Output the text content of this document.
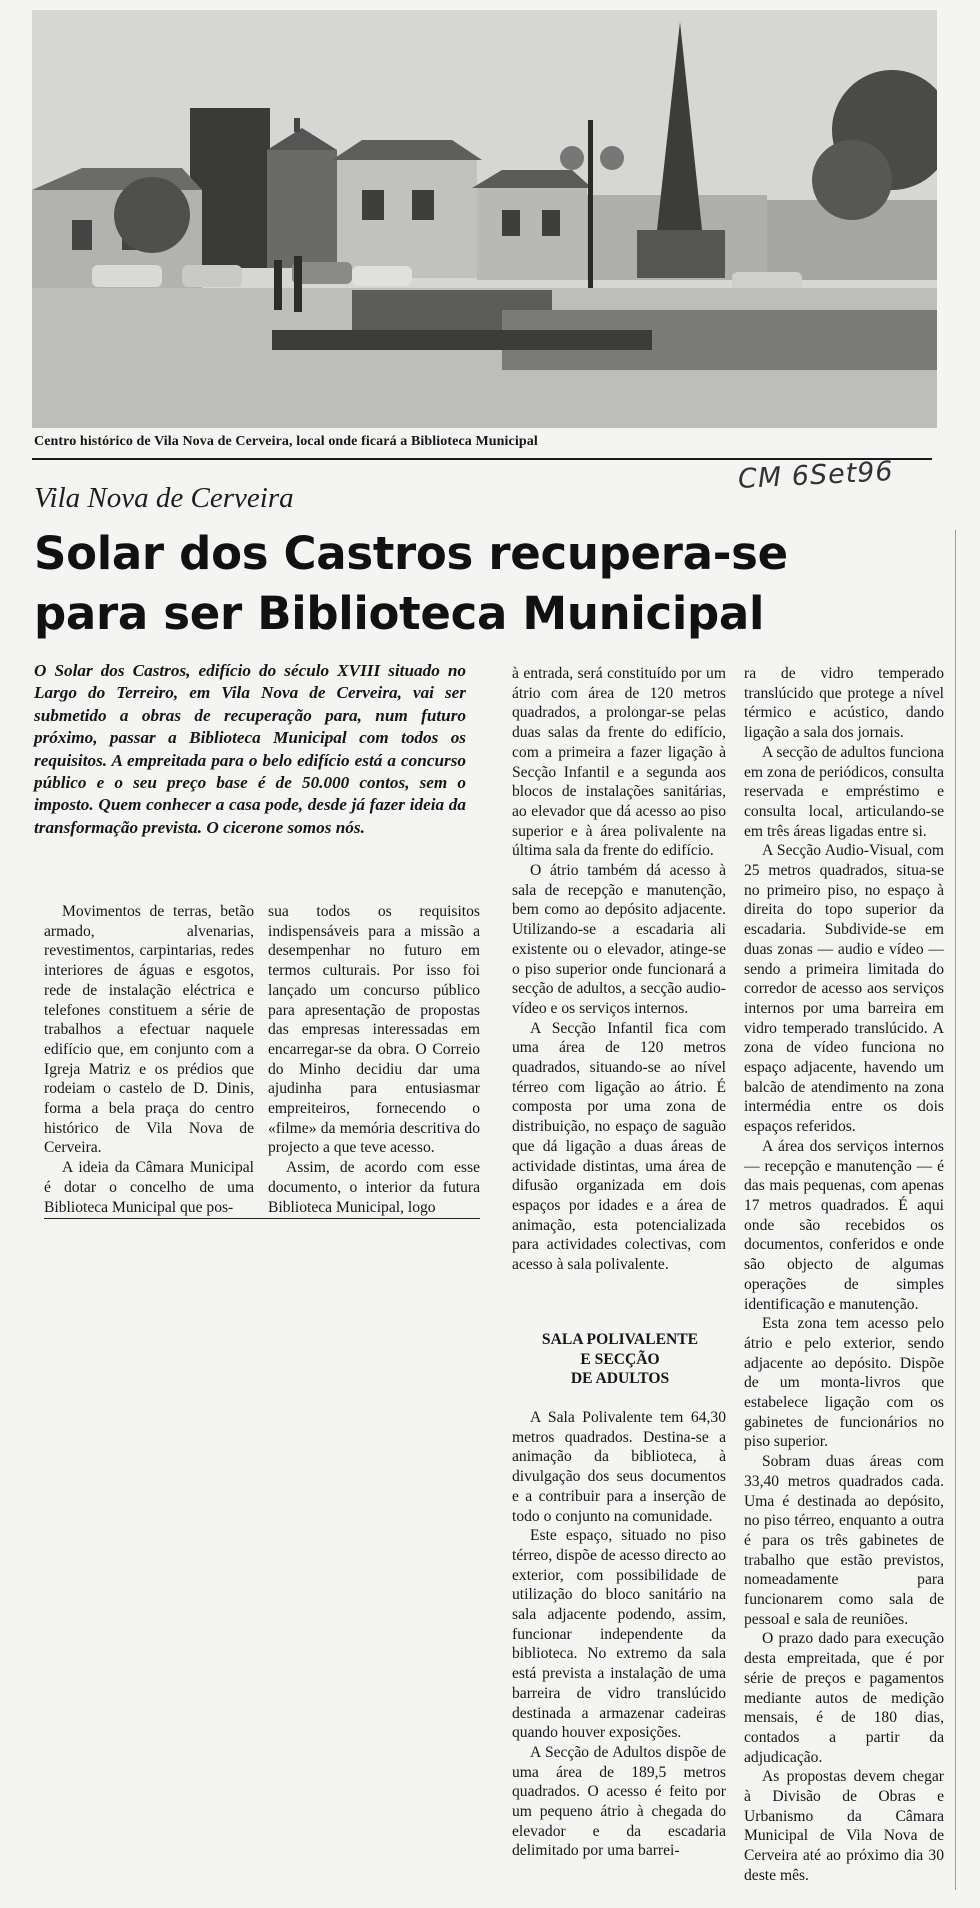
Centro histórico de Vila Nova de Cerveira, local onde ficará a Biblioteca Municipal
CM 6Set96
Vila Nova de Cerveira
Solar dos Castros recupera-se
para ser Biblioteca Municipal
O Solar dos Castros, edifício do século XVIII situado no Largo do Terreiro, em Vila Nova de Cerveira, vai ser submetido a obras de recuperação para, num futuro próximo, passar a Biblioteca Municipal com todos os requisitos. A empreitada para o belo edifício está a concurso público e o seu preço base é de 50.000 contos, sem o imposto. Quem conhecer a casa pode, desde já fazer ideia da transformação prevista. O cicerone somos nós.

Movimentos de terras, betão armado, alvenarias, revestimentos, carpintarias, redes interiores de águas e esgotos, rede de instalação eléctrica e telefones constituem a série de trabalhos a efectuar naquele edifício que, em conjunto com a Igreja Matriz e os prédios que rodeiam o castelo de D. Dinis, forma a bela praça do centro histórico de Vila Nova de Cerveira.

A ideia da Câmara Municipal é dotar o concelho de uma Biblioteca Municipal que pos-

sua todos os requisitos indispensáveis para a missão a desempenhar no futuro em termos culturais. Por isso foi lançado um concurso público para apresentação de propostas das empresas interessadas em encarregar-se da obra. O Correio do Minho decidiu dar uma ajudinha para entusiasmar empreiteiros, fornecendo o «filme» da memória descritiva do projecto a que teve acesso.

Assim, de acordo com esse documento, o interior da futura Biblioteca Municipal, logo

à entrada, será constituído por um átrio com área de 120 metros quadrados, a prolongar-se pelas duas salas da frente do edifício, com a primeira a fazer ligação à Secção Infantil e a segunda aos blocos de instalações sanitárias, ao elevador que dá acesso ao piso superior e à área polivalente na última sala da frente do edifício.

O átrio também dá acesso à sala de recepção e manutenção, bem como ao depósito adjacente. Utilizando-se a escadaria ali existente ou o elevador, atinge-se o piso superior onde funcionará a secção de adultos, a secção audio-vídeo e os serviços internos.

A Secção Infantil fica com uma área de 120 metros quadrados, situando-se ao nível térreo com ligação ao átrio. É composta por uma zona de distribuição, no espaço de saguão que dá ligação a duas áreas de actividade distintas, uma área de difusão organizada em dois espaços por idades e a área de animação, esta potencializada para actividades colectivas, com acesso à sala polivalente.

SALA POLIVALENTE
E SECÇÃO
DE ADULTOS

A Sala Polivalente tem 64,30 metros quadrados. Destina-se a animação da biblioteca, à divulgação dos seus documentos e a contribuir para a inserção de todo o conjunto na comunidade.

Este espaço, situado no piso térreo, dispõe de acesso directo ao exterior, com possibilidade de utilização do bloco sanitário na sala adjacente podendo, assim, funcionar independente da biblioteca. No extremo da sala está prevista a instalação de uma barreira de vidro translúcido destinada a armazenar cadeiras quando houver exposições.

A Secção de Adultos dispõe de uma área de 189,5 metros quadrados. O acesso é feito por um pequeno átrio à chegada do elevador e da escadaria delimitado por uma barrei-

ra de vidro temperado translúcido que protege a nível térmico e acústico, dando ligação a sala dos jornais.

A secção de adultos funciona em zona de periódicos, consulta reservada e empréstimo e consulta local, articulando-se em três áreas ligadas entre si.

A Secção Audio-Visual, com 25 metros quadrados, situa-se no primeiro piso, no espaço à direita do topo superior da escadaria. Subdivide-se em duas zonas — audio e vídeo — sendo a primeira limitada do corredor de acesso aos serviços internos por uma barreira em vidro temperado translúcido. A zona de vídeo funciona no espaço adjacente, havendo um balcão de atendimento na zona intermédia entre os dois espaços referidos.

A área dos serviços internos — recepção e manutenção — é das mais pequenas, com apenas 17 metros quadrados. É aqui onde são recebidos os documentos, conferidos e onde são objecto de algumas operações de simples identificação e manutenção.

Esta zona tem acesso pelo átrio e pelo exterior, sendo adjacente ao depósito. Dispõe de um monta-livros que estabelece ligação com os gabinetes de funcionários no piso superior.

Sobram duas áreas com 33,40 metros quadrados cada. Uma é destinada ao depósito, no piso térreo, enquanto a outra é para os três gabinetes de trabalho que estão previstos, nomeadamente para funcionarem como sala de pessoal e sala de reuniões.

O prazo dado para execução desta empreitada, que é por série de preços e pagamentos mediante autos de medição mensais, é de 180 dias, contados a partir da adjudicação.

As propostas devem chegar à Divisão de Obras e Urbanismo da Câmara Municipal de Vila Nova de Cerveira até ao próximo dia 30 deste mês.
